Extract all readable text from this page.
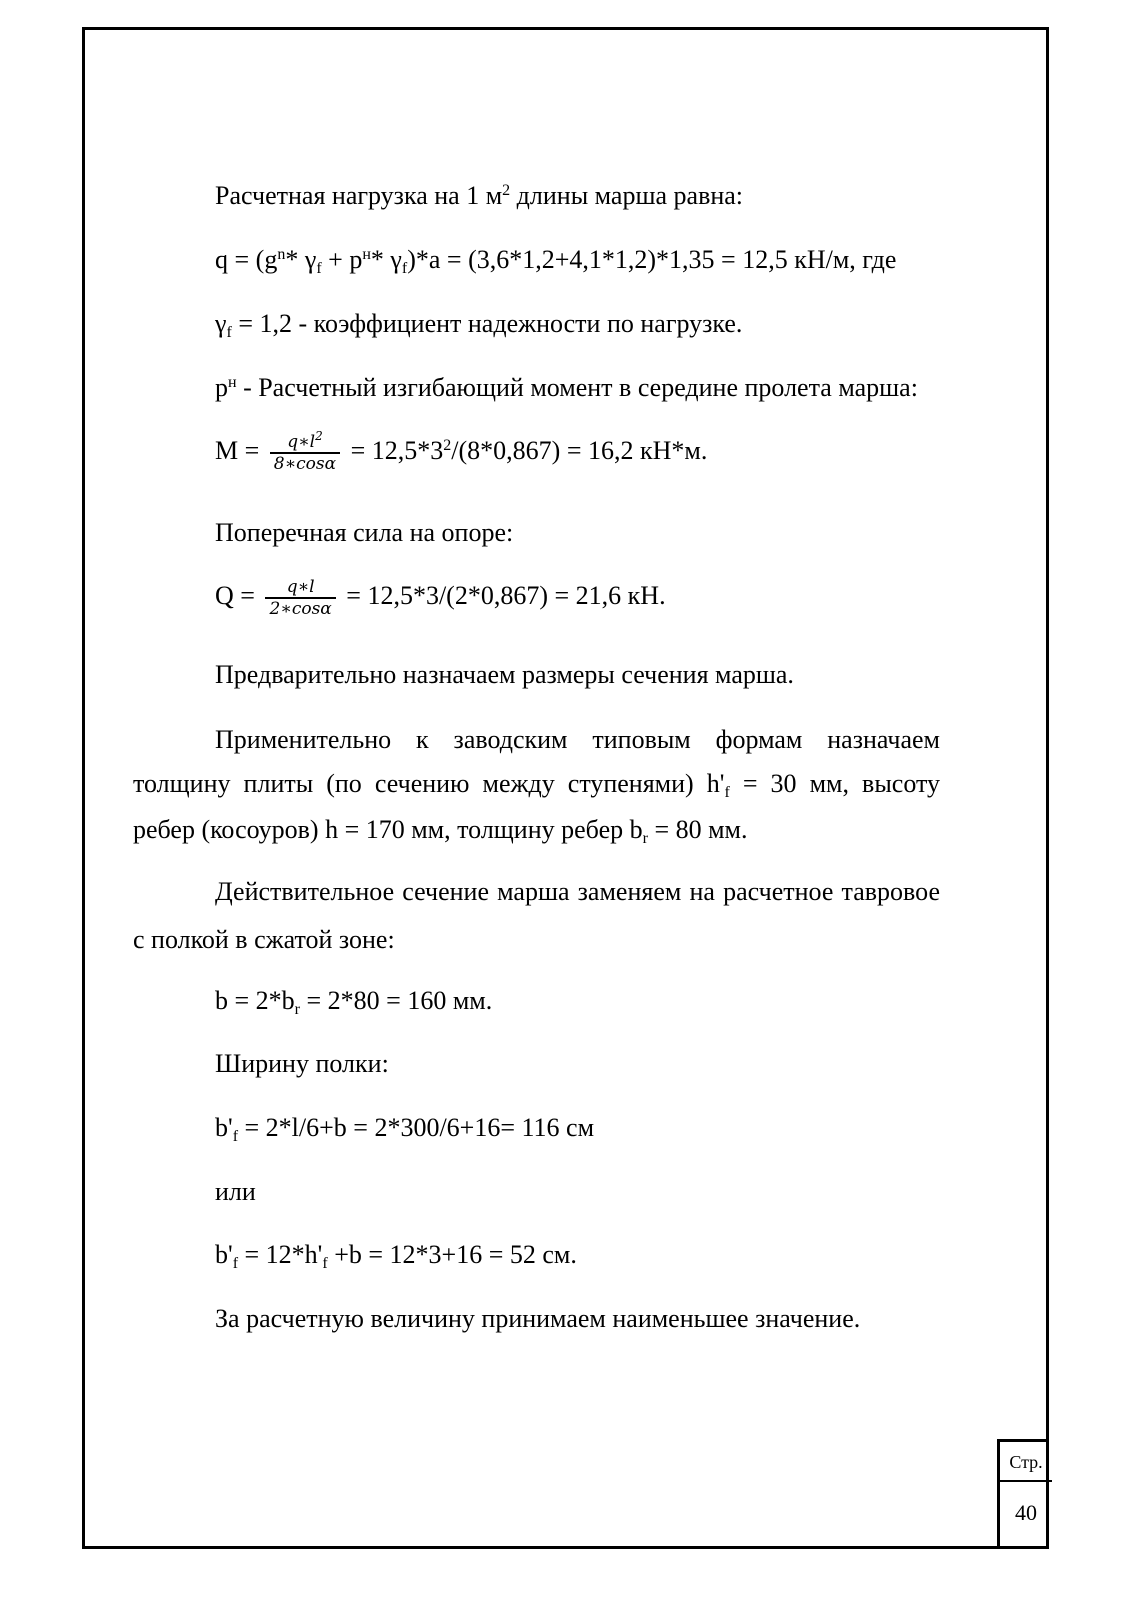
Расчетная нагрузка на 1 $м^2$ длины марша равна:
$q = (g^n*$ $\gamma_f + p^н*$ $\gamma_f)*a = (3,6*1,2+4,1*1,2)*1,35 = 12,5$ кН/м, где
$\gamma_f = 1,2$ - коэффициент надежности по нагрузке.
$p^н$ - Расчетный изгибающий момент в середине пролета марша:
$M = \frac{q∗l^2}{8∗\cos\alpha} = 12,5*3^2/(8*0,867) = 16,2$ кН*м.
Поперечная сила на опоре:
$Q = \frac{q∗l}{2∗\cos\alpha} = 12,5*3/(2*0,867) = 21,6$ кН.
Предварительно назначаем размеры сечения марша.
Применительно к заводским типовым формам назначаем
толщину плиты (по сечению между ступенями) $h'_f = 30$ мм, высоту
ребер (косоуров) h = 170 мм, толщину ребер $b_r = 80$ мм.
Действительное сечение марша заменяем на расчетное тавровое
с полкой в сжатой зоне:
$b = 2*b_r = 2*80 = 160$ мм.
Ширину полки:
$b'_f = 2*l/6+b = 2*300/6+16= 116$ см
или
$b'_f = 12*h'_f +b = 12*3+16 = 52$ см.
За расчетную величину принимаем наименьшее значение.
Стр.
40
